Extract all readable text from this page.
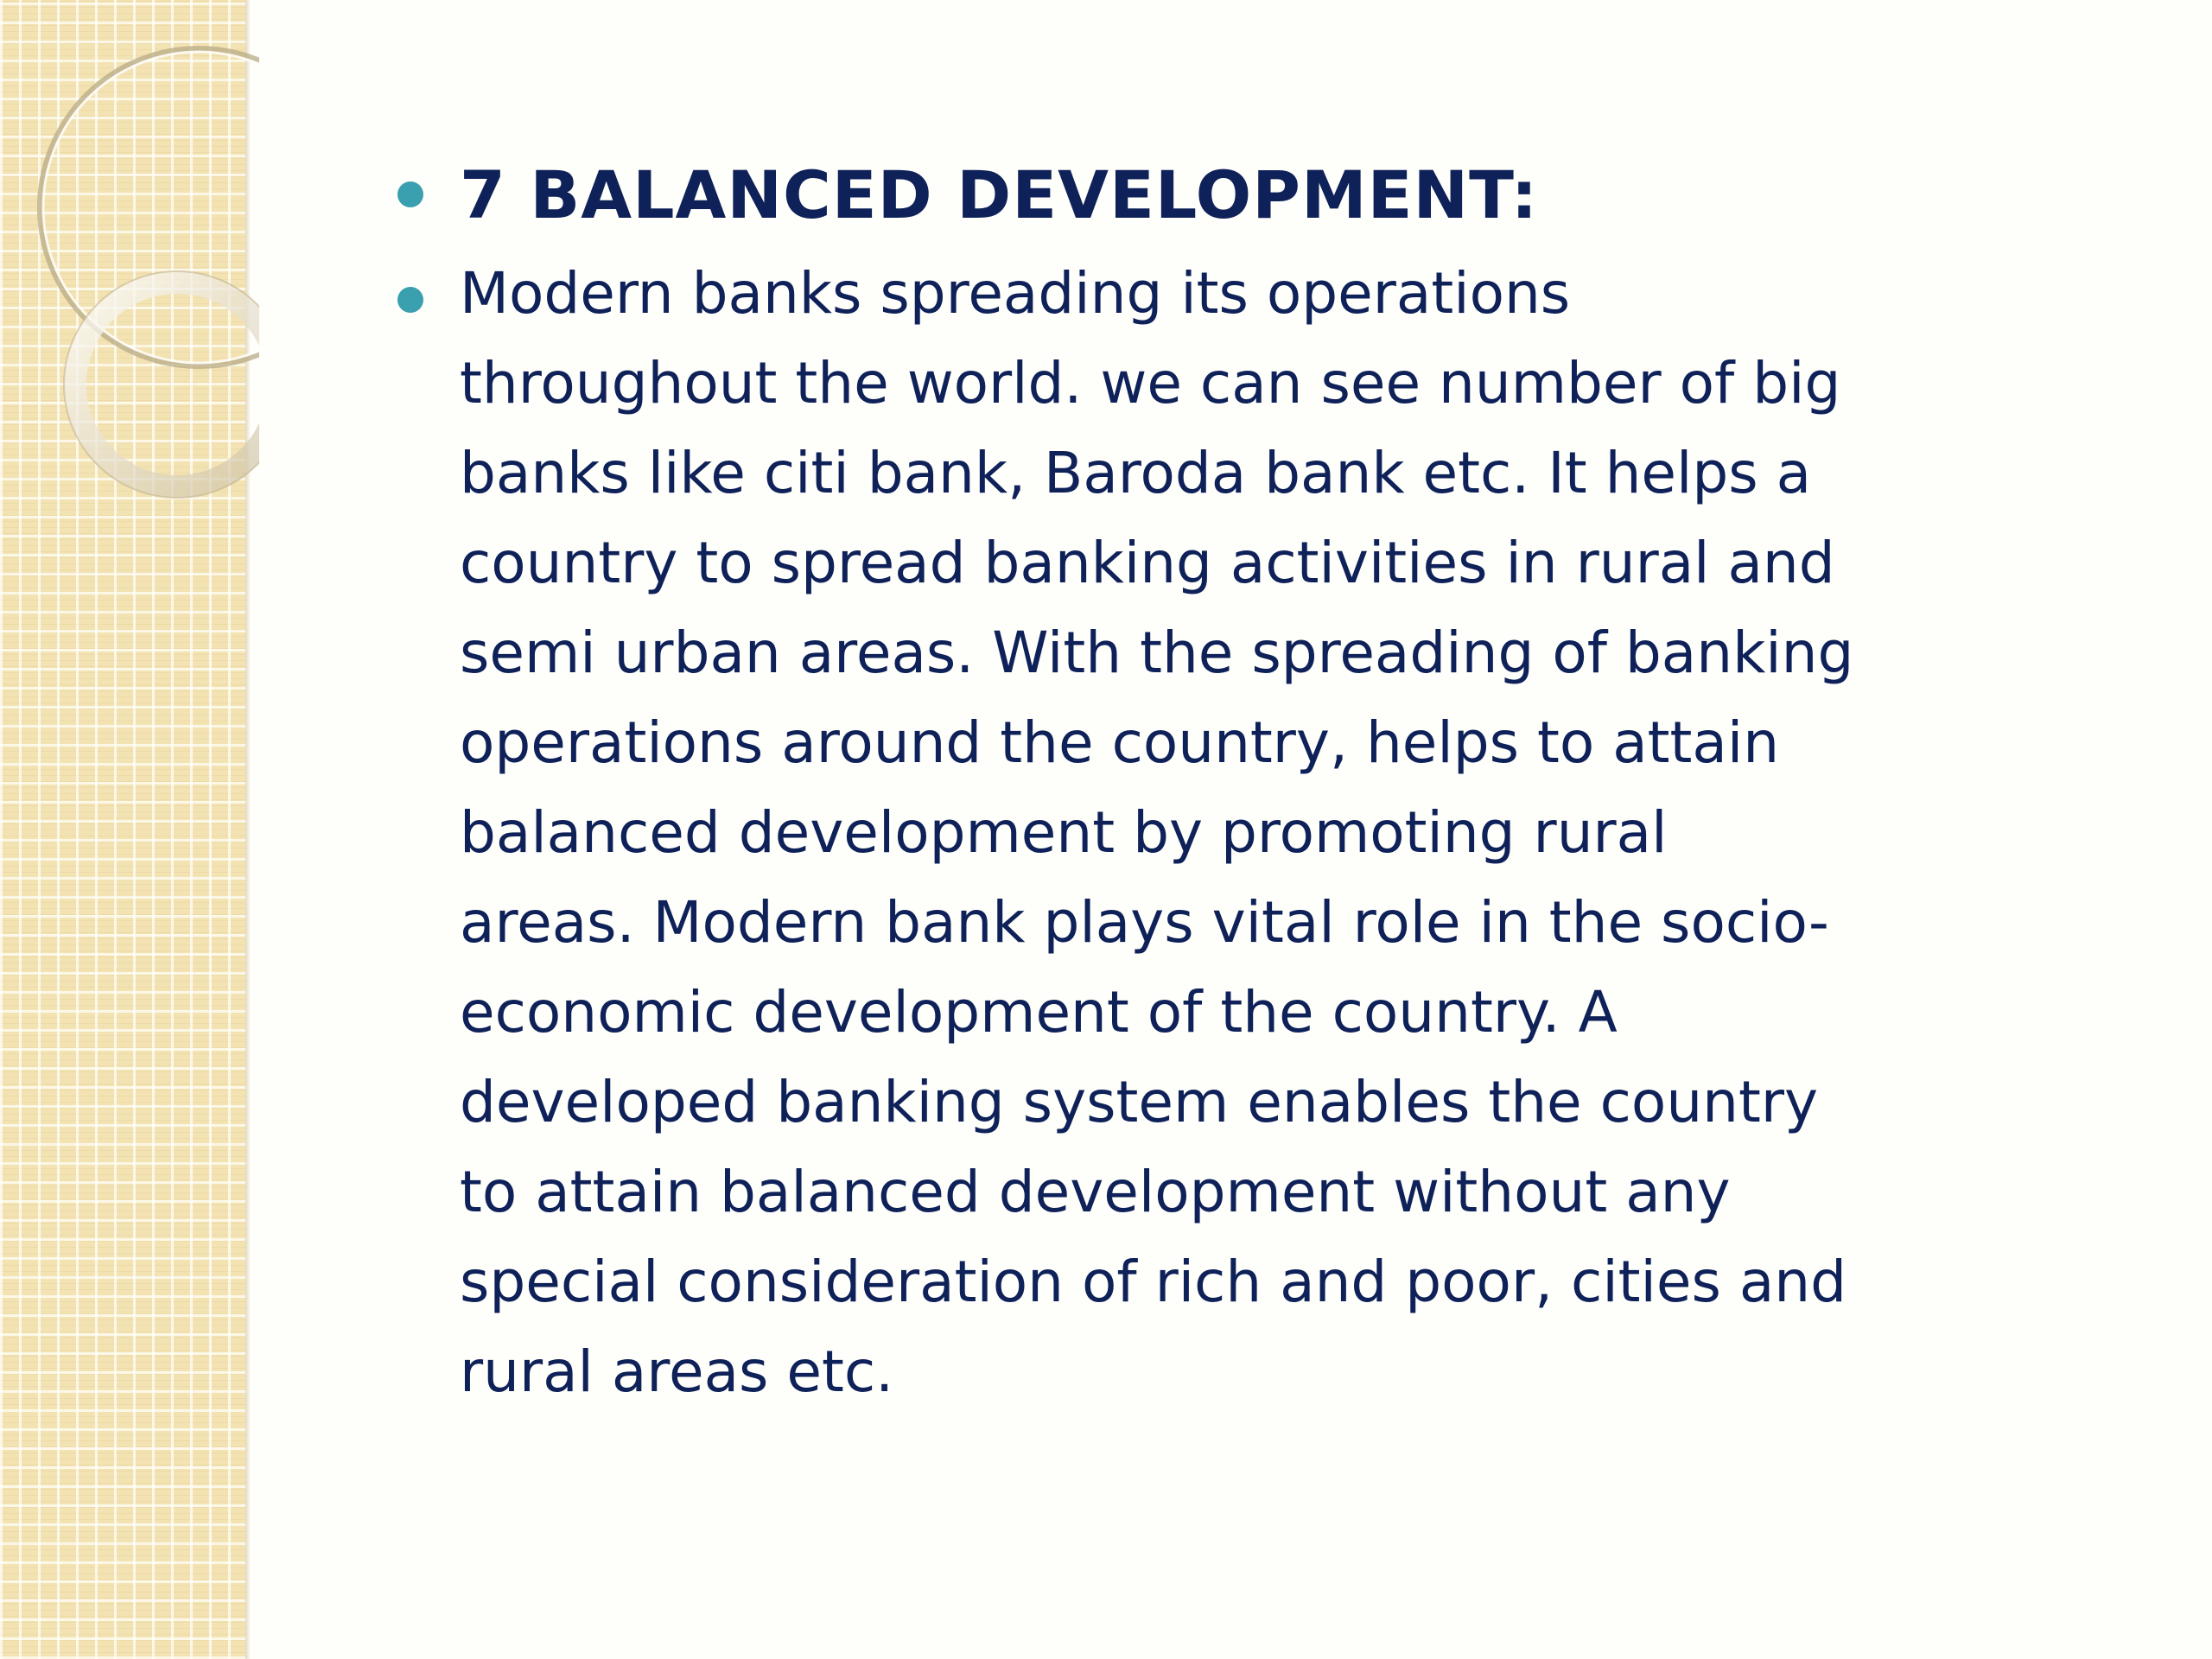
7 BALANCED DEVELOPMENT:
Modern banks spreading its operations
throughout the world. we can see number of big
banks like citi bank, Baroda bank etc. It helps a
country to spread banking activities in rural and
semi urban areas. With the spreading of banking
operations around the country, helps to attain
balanced development by promoting rural
areas. Modern bank plays vital role in the socio-
economic development of the country. A
developed banking system enables the country
to attain balanced development without any
special consideration of rich and poor, cities and
rural areas etc.
